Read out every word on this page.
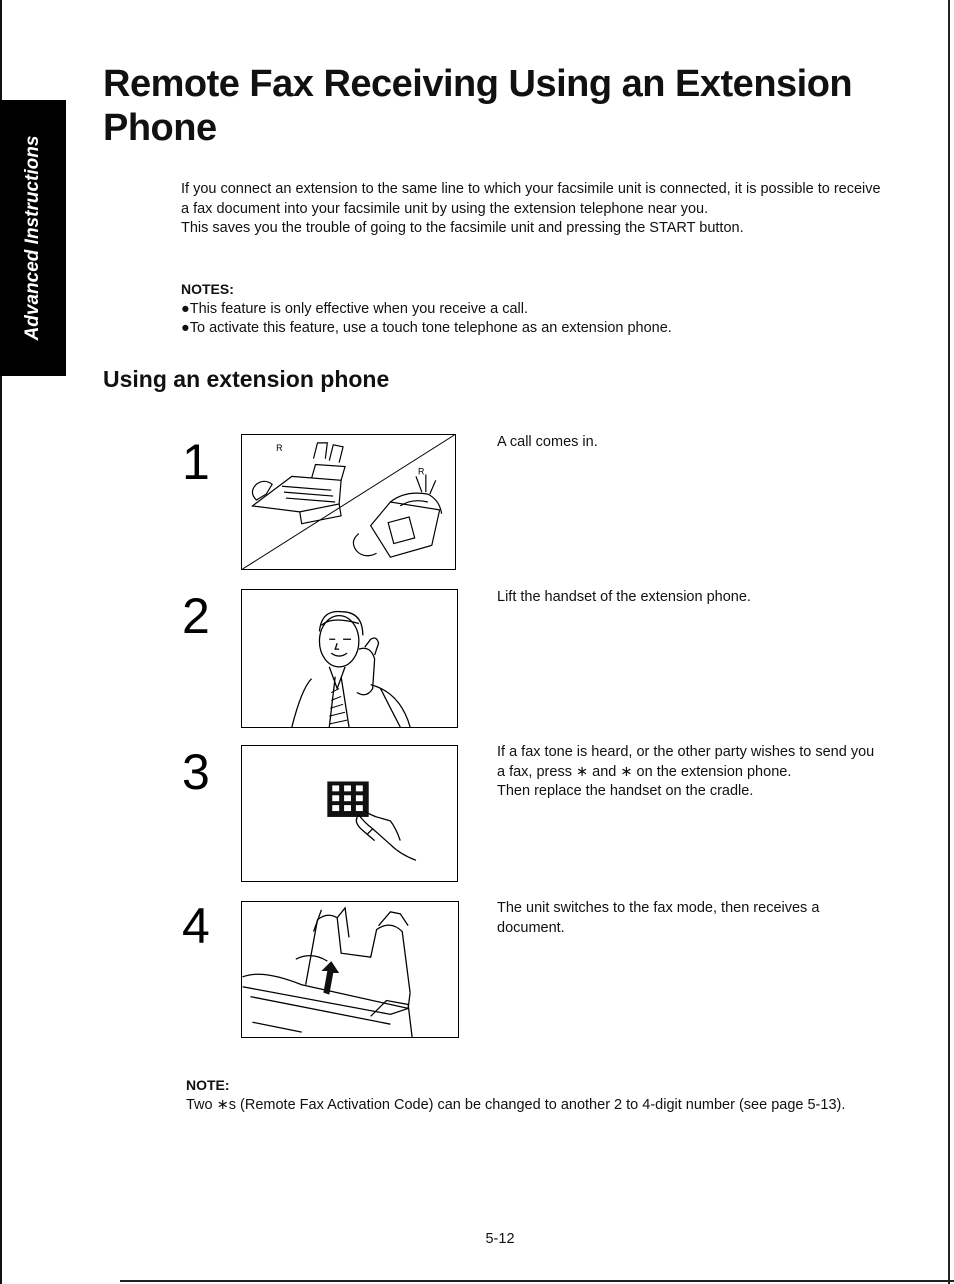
Advanced Instructions
Remote Fax Receiving Using an Extension Phone

If you connect an extension to the same line to which your facsimile unit is connected, it is possible to receive a fax document into your facsimile unit by using the extension telephone near you.

This saves you the trouble of going to the facsimile unit and pressing the START button.

NOTES:
●This feature is only effective when you receive a call.
●To activate this feature, use a touch tone telephone as an extension phone.
Using an extension phone
1	R
R
A call comes in.
2	Lift the handset of the extension phone.
3	If a fax tone is heard, or the other party wishes to send you a fax, press ∗ and ∗ on the extension phone.
Then replace the handset on the cradle.
4	The unit switches to the fax mode, then receives a document.
NOTE:
Two ∗s (Remote Fax Activation Code) can be changed to another 2 to 4-digit number (see page 5-13).
5-12
